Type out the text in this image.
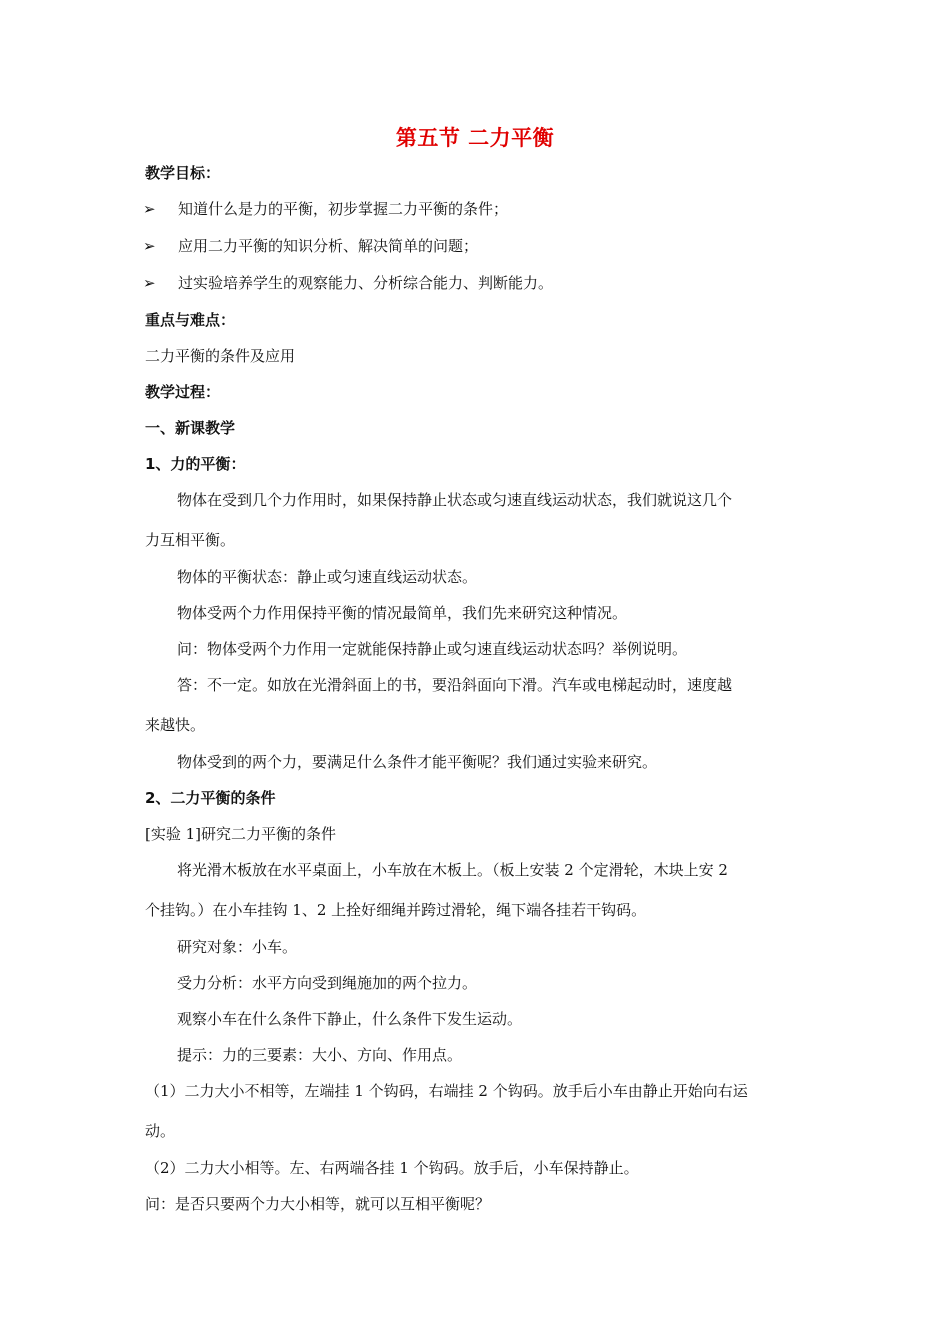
第五节 二力平衡
教学目标：
➢ 知道什么是力的平衡，初步掌握二力平衡的条件；
➢ 应用二力平衡的知识分析、解决简单的问题；
➢ 过实验培养学生的观察能力、分析综合能力、判断能力。
重点与难点：
二力平衡的条件及应用
教学过程：
一、新课教学
1、力的平衡：
物体在受到几个力作用时，如果保持静止状态或匀速直线运动状态，我们就说这几个
力互相平衡。
物体的平衡状态：静止或匀速直线运动状态。
物体受两个力作用保持平衡的情况最简单，我们先来研究这种情况。
问：物体受两个力作用一定就能保持静止或匀速直线运动状态吗？举例说明。
答：不一定。如放在光滑斜面上的书，要沿斜面向下滑。汽车或电梯起动时，速度越
来越快。
物体受到的两个力，要满足什么条件才能平衡呢？我们通过实验来研究。
2、二力平衡的条件
[实验 1]研究二力平衡的条件
将光滑木板放在水平桌面上，小车放在木板上。（板上安装 2 个定滑轮，木块上安 2
个挂钩。）在小车挂钩 1、2 上拴好细绳并跨过滑轮，绳下端各挂若干钩码。
研究对象：小车。
受力分析：水平方向受到绳施加的两个拉力。
观察小车在什么条件下静止，什么条件下发生运动。
提示：力的三要素：大小、方向、作用点。
（1）二力大小不相等，左端挂 1 个钩码，右端挂 2 个钩码。放手后小车由静止开始向右运
动。
（2）二力大小相等。左、右两端各挂 1 个钩码。放手后，小车保持静止。
问：是否只要两个力大小相等，就可以互相平衡呢？
